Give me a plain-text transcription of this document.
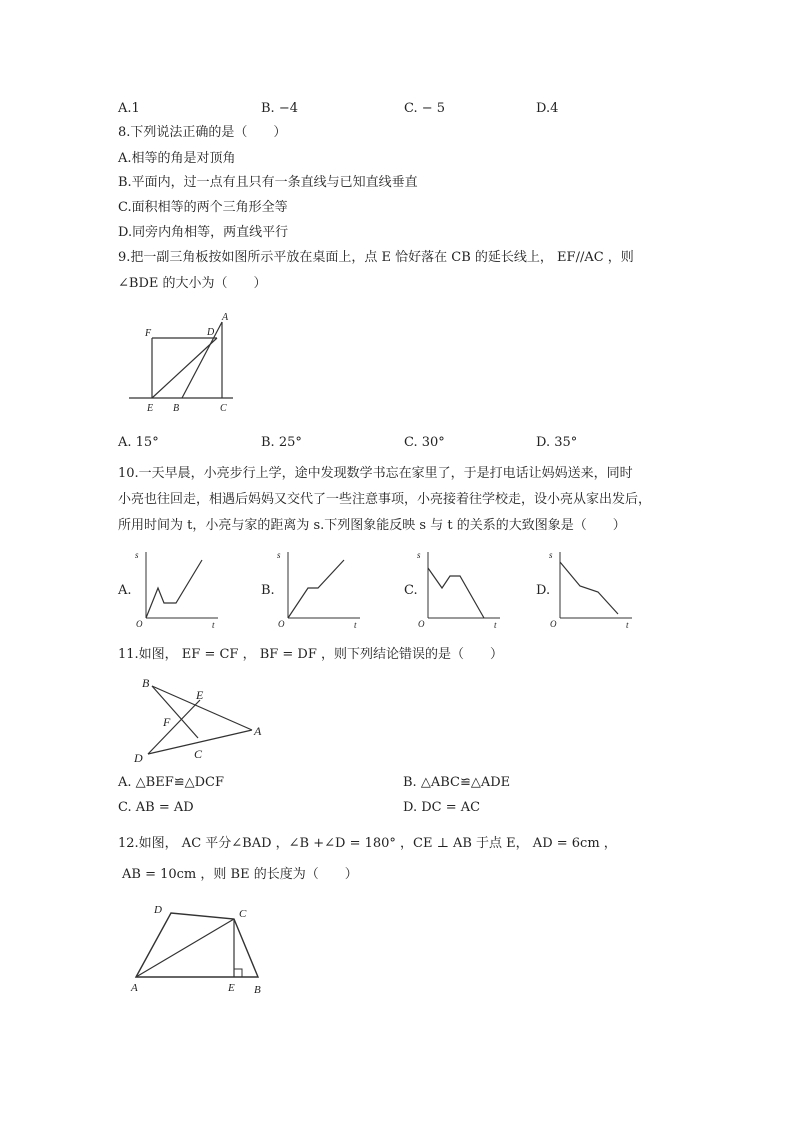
A.1	B. −4	C. − 5	D.4
8.下列说法正确的是（　　）
A.相等的角是对顶角
B.平面内，过一点有且只有一条直线与已知直线垂直
C.面积相等的两个三角形全等
D.同旁内角相等，两直线平行
9.把一副三角板按如图所示平放在桌面上，点 E 恰好落在 CB 的延长线上， EF//AC ，则
∠BDE 的大小为（　　）
F	D
A
E B	C
A. 15°	B. 25°	C. 30°	D. 35°
10.一天早晨，小亮步行上学，途中发现数学书忘在家里了，于是打电话让妈妈送来，同时
小亮也往回走，相遇后妈妈又交代了一些注意事项，小亮接着往学校走，设小亮从家出发后，
所用时间为 t，小亮与家的距离为 s.下列图象能反映 s 与 t 的关系的大致图象是（　　）
A.
s
O	t
B.
s
O	t
C.
s
O	t
D.
s
O	t
11.如图， EF = CF ， BF = DF ，则下列结论错误的是（　　）
B
E
F
A
D	C
A. △BEF≌△DCF	B. △ABC≌△ADE
C. AB = AD	D. DC = AC
12.如图， AC 平分∠BAD ，∠B +∠D = 180° ，CE ⊥ AB 于点 E， AD = 6cm ，
AB = 10cm ，则 BE 的长度为（　　）
D	C
A	E B
